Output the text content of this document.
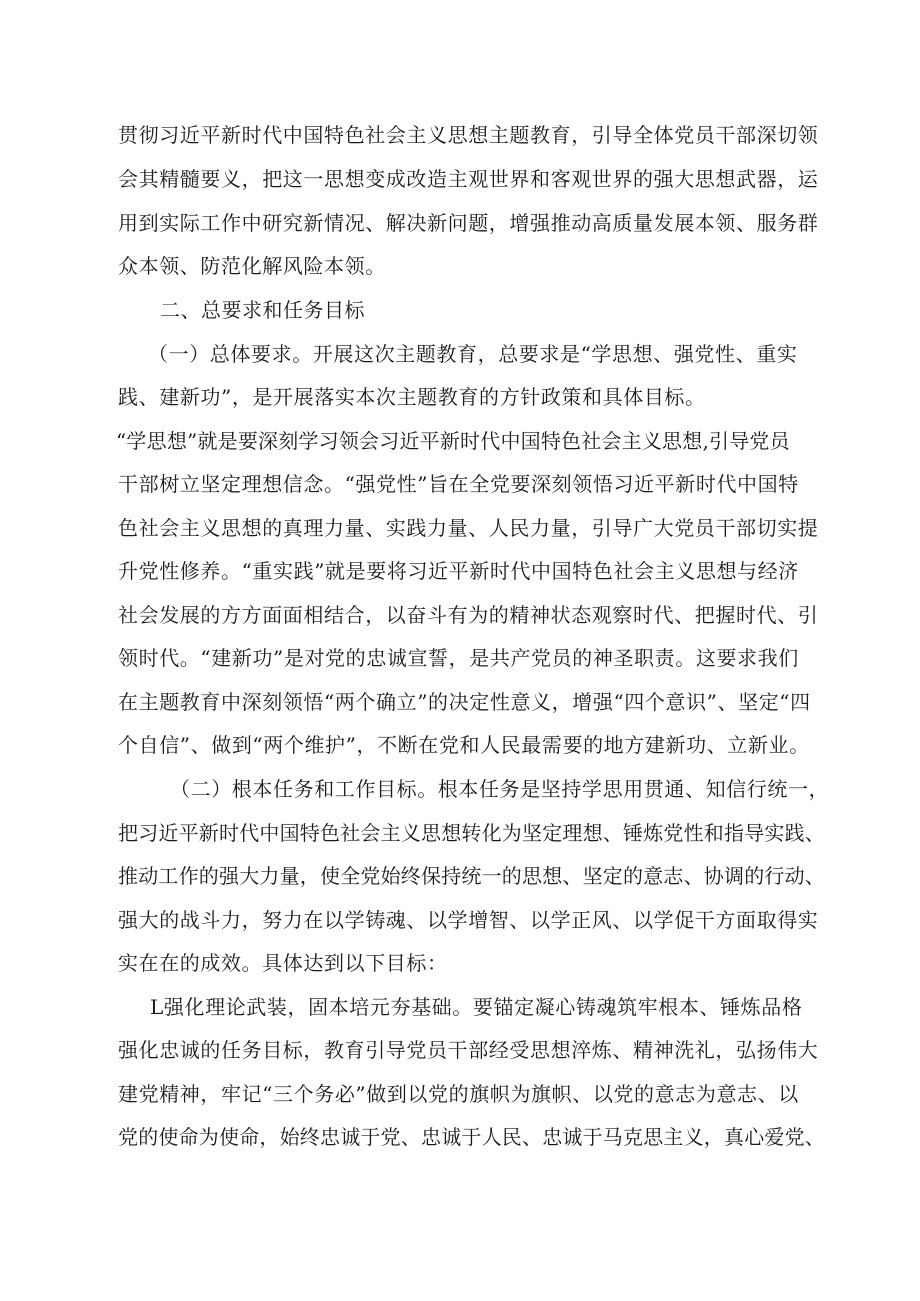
贯彻习近平新时代中国特色社会主义思想主题教育，引导全体党员干部深切领
会其精髓要义，把这一思想变成改造主观世界和客观世界的强大思想武器，运
用到实际工作中研究新情况、解决新问题，增强推动高质量发展本领、服务群
众本领、防范化解风险本领。
二、总要求和任务目标
（一）总体要求。开展这次主题教育，总要求是“学思想、强党性、重实
践、建新功”，是开展落实本次主题教育的方针政策和具体目标。
“学思想”就是要深刻学习领会习近平新时代中国特色社会主义思想,引导党员
干部树立坚定理想信念。“强党性”旨在全党要深刻领悟习近平新时代中国特
色社会主义思想的真理力量、实践力量、人民力量，引导广大党员干部切实提
升党性修养。“重实践”就是要将习近平新时代中国特色社会主义思想与经济
社会发展的方方面面相结合，以奋斗有为的精神状态观察时代、把握时代、引
领时代。“建新功”是对党的忠诚宣誓，是共产党员的神圣职责。这要求我们
在主题教育中深刻领悟“两个确立”的决定性意义，增强“四个意识”、坚定“四
个自信”、做到“两个维护”，不断在党和人民最需要的地方建新功、立新业。
（二）根本任务和工作目标。根本任务是坚持学思用贯通、知信行统一，
把习近平新时代中国特色社会主义思想转化为坚定理想、锤炼党性和指导实践、
推动工作的强大力量，使全党始终保持统一的思想、坚定的意志、协调的行动、
强大的战斗力，努力在以学铸魂、以学增智、以学正风、以学促干方面取得实
实在在的成效。具体达到以下目标：
L强化理论武装，固本培元夯基础。要锚定凝心铸魂筑牢根本、锤炼品格
强化忠诚的任务目标，教育引导党员干部经受思想淬炼、精神洗礼，弘扬伟大
建党精神，牢记“三个务必”做到以党的旗帜为旗帜、以党的意志为意志、以
党的使命为使命，始终忠诚于党、忠诚于人民、忠诚于马克思主义，真心爱党、
